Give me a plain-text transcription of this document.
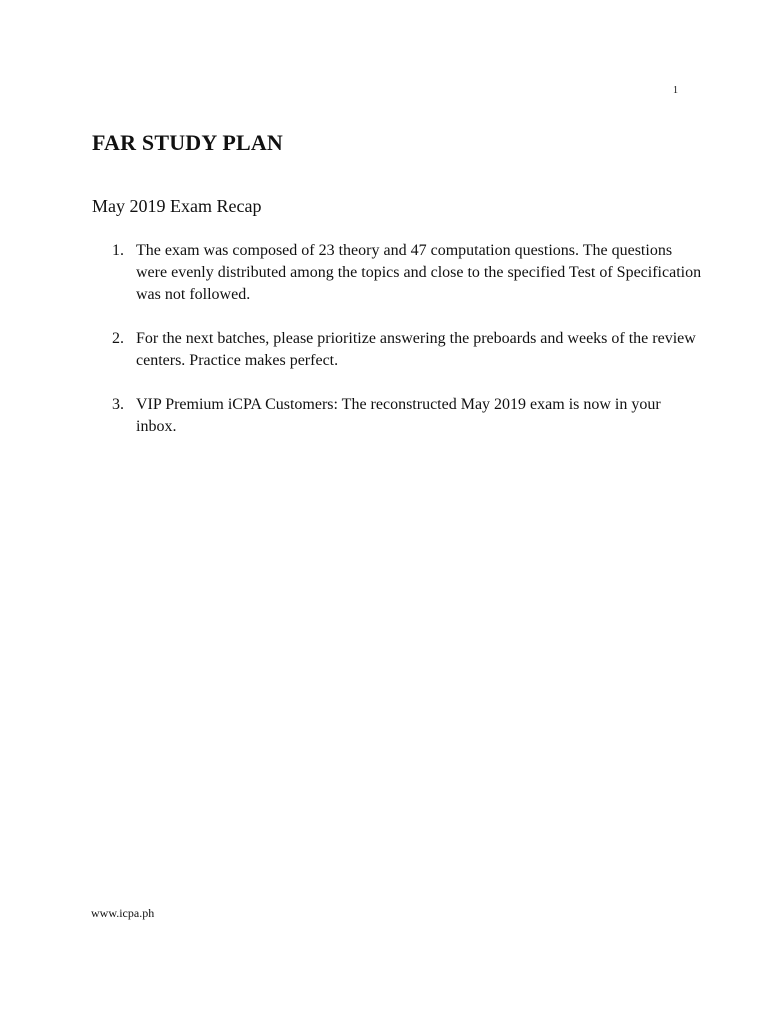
1
FAR STUDY PLAN
May 2019 Exam Recap
1. The exam was composed of 23 theory and 47 computation questions. The questions were evenly distributed among the topics and close to the specified Test of Specification was not followed.
2. For the next batches, please prioritize answering the preboards and weeks of the review centers. Practice makes perfect.
3. VIP Premium iCPA Customers: The reconstructed May 2019 exam is now in your inbox.
www.icpa.ph
